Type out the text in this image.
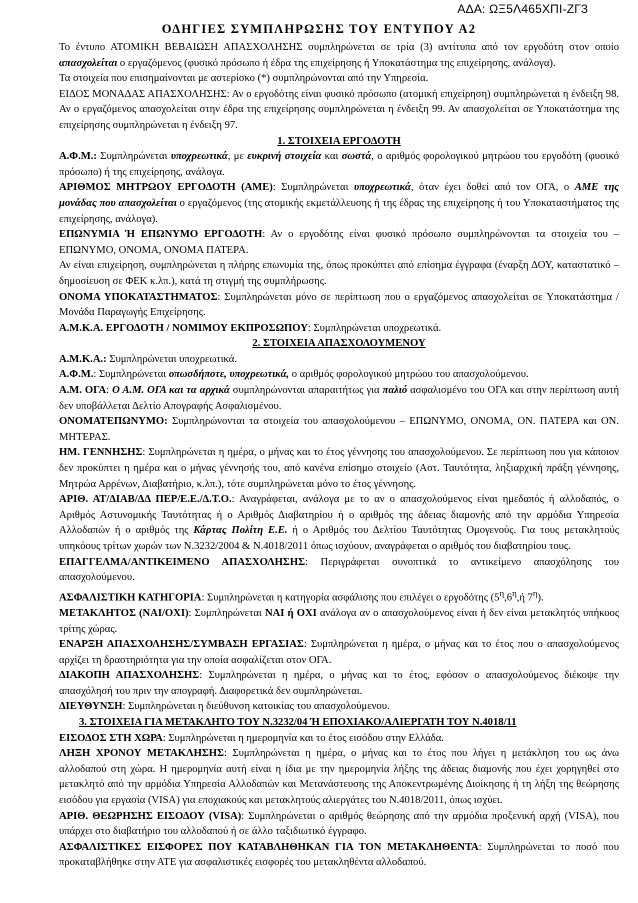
ΑΔΑ: ΩΞ5Λ465ΧΠΙ-ΖΓ3
ΟΔΗΓΙΕΣ ΣΥΜΠΛΗΡΩΣΗΣ ΤΟΥ ΕΝΤΥΠΟΥ Α2

Το έντυπο ΑΤΟΜΙΚΗ ΒΕΒΑΙΩΣΗ ΑΠΑΣΧΟΛΗΣΗΣ συμπληρώνεται σε τρία (3) αντίτυπα από τον εργοδότη στον οποίο απασχολείται ο εργαζόμενος (φυσικό πρόσωπο ή έδρα της επιχείρησης ή Υποκατάστημα της επιχείρησης, ανάλογα).

Τα στοιχεία που επισημαίνονται με αστερίσκο (*) συμπληρώνονται από την Υπηρεσία.

ΕΙΔΟΣ ΜΟΝΑΔΑΣ ΑΠΑΣΧΟΛΗΣΗΣ: Αν ο εργοδότης είναι φυσικό πρόσωπο (ατομική επιχείρηση) συμπληρώνεται η ένδειξη 98. Αν ο εργαζόμενος απασχολείται στην έδρα της επιχείρησης συμπληρώνεται η ένδειξη 99. Αν απασχολείται σε Υποκατάστημα της επιχείρησης συμπληρώνεται η ένδειξη 97.

1. ΣΤΟΙΧΕΙΑ ΕΡΓΟΔΟΤΗ

Α.Φ.Μ.: Συμπληρώνεται υποχρεωτικά, με ευκρινή στοιχεία και σωστά, ο αριθμός φορολογικού μητρώου του εργοδότη (φυσικό πρόσωπο) ή της επιχείρησης, ανάλογα.

ΑΡΙΘΜΟΣ ΜΗΤΡΩΟΥ ΕΡΓΟΔΟΤΗ (ΑΜΕ): Συμπληρώνεται υποχρεωτικά, όταν έχει δοθεί από τον ΟΓΑ, ο ΑΜΕ της μονάδας που απασχολείται ο εργαζόμενος (της ατομικής εκμετάλλευσης ή της έδρας της επιχείρησης ή του Υποκαταστήματος της επιχείρησης, ανάλογα).

ΕΠΩΝΥΜΙΑ Ή ΕΠΩΝΥΜΟ ΕΡΓΟΔΟΤΗ: Αν ο εργοδότης είναι φυσικό πρόσωπο συμπληρώνονται τα στοιχεία του – ΕΠΩΝΥΜΟ, ΟΝΟΜΑ, ΟΝΟΜΑ ΠΑΤΕΡΑ.

Αν είναι επιχείρηση, συμπληρώνεται η πλήρης επωνυμία της, όπως προκύπτει από επίσημα έγγραφα (έναρξη ΔΟΥ, καταστατικό – δημοσίευση σε ΦΕΚ κ.λπ.), κατά τη στιγμή της συμπλήρωσης.

ΟΝΟΜΑ ΥΠΟΚΑΤΑΣΤΗΜΑΤΟΣ: Συμπληρώνεται μόνο σε περίπτωση που ο εργαζόμενος απασχολείται σε Υποκατάστημα / Μονάδα Παραγωγής Επιχείρησης.

Α.Μ.Κ.Α. ΕΡΓΟΔΟΤΗ / ΝΟΜΙΜΟΥ ΕΚΠΡΟΣΩΠΟΥ: Συμπληρώνεται υποχρεωτικά.

2. ΣΤΟΙΧΕΙΑ ΑΠΑΣΧΟΛΟΥΜΕΝΟΥ

Α.Μ.Κ.Α.: Συμπληρώνεται υποχρεωτικά.

Α.Φ.Μ.: Συμπληρώνεται οπωσδήποτε, υποχρεωτικά, ο αριθμός φορολογικού μητρώου του απασχολούμενου.

Α.Μ. ΟΓΑ: Ο Α.Μ. ΟΓΑ και τα αρχικά συμπληρώνονται απαραιτήτως για παλιό ασφαλισμένο του ΟΓΑ και στην περίπτωση αυτή δεν υποβάλλεται Δελτίο Απογραφής Ασφαλισμένου.

ΟΝΟΜΑΤΕΠΩΝΥΜΟ: Συμπληρώνονται τα στοιχεία του απασχολούμενου – ΕΠΩΝΥΜΟ, ΟΝΟΜΑ, ΟΝ. ΠΑΤΕΡΑ και ΟΝ. ΜΗΤΕΡΑΣ.

ΗΜ. ΓΕΝΝΗΣΗΣ: Συμπληρώνεται η ημέρα, ο μήνας και το έτος γέννησης του απασχολούμενου. Σε περίπτωση που για κάποιον δεν προκύπτει η ημέρα και ο μήνας γέννησής του, από κανένα επίσημο στοιχείο (Αστ. Ταυτότητα, ληξιαρχική πράξη γέννησης, Μητρώα Αρρένων, Διαβατήριο, κ.λπ.), τότε συμπληρώνεται μόνο το έτος γέννησης.

ΑΡΙΘ. ΑΤ/ΔΙΑΒ/ΔΔ ΠΕΡ/Ε.Ε./Δ.Τ.Ο.: Αναγράφεται, ανάλογα με το αν ο απασχολούμενος είναι ημεδαπός ή αλλοδαπός, ο Αριθμός Αστυνομικής Ταυτότητας ή ο Αριθμός Διαβατηρίου ή ο αριθμός της άδειας διαμονής από την αρμόδια Υπηρεσία Αλλοδαπών ή ο αριθμός της Κάρτας Πολίτη Ε.Ε. ή ο Αριθμός του Δελτίου Ταυτότητας Ομογενούς. Για τους μετακλητούς υπηκόους τρίτων χωρών των Ν.3232/2004 & Ν.4018/2011 όπως ισχύουν, αναγράφεται ο αριθμός του διαβατηρίου τους.

ΕΠΑΓΓΕΛΜΑ/ΑΝΤΙΚΕΙΜΕΝΟ ΑΠΑΣΧΟΛΗΣΗΣ: Περιγράφεται συνοπτικά το αντικείμενο απασχόλησης του απασχολούμενου.

ΑΣΦΑΛΙΣΤΙΚΗ ΚΑΤΗΓΟΡΙΑ: Συμπληρώνεται η κατηγορία ασφάλισης που επιλέγει ο εργοδότης ($5^\eta,6^\eta,ή$ $7^\eta$).

ΜΕΤΑΚΛΗΤΟΣ (ΝΑΙ/ΟΧΙ): Συμπληρώνεται ΝΑΙ ή ΟΧΙ ανάλογα αν ο απασχολούμενος είναι ή δεν είναι μετακλητός υπήκοος τρίτης χώρας.

ΕΝΑΡΞΗ ΑΠΑΣΧΟΛΗΣΗΣ/ΣΥΜΒΑΣΗ ΕΡΓΑΣΙΑΣ: Συμπληρώνεται η ημέρα, ο μήνας και το έτος που ο απασχολούμενος αρχίζει τη δραστηριότητα για την οποία ασφαλίζεται στον ΟΓΑ.

ΔΙΑΚΟΠΗ ΑΠΑΣΧΟΛΗΣΗΣ: Συμπληρώνεται η ημέρα, ο μήνας και το έτος, εφόσον ο απασχολούμενος διέκοψε την απασχόλησή του πριν την απογραφή. Διαφορετικά δεν συμπληρώνεται.

ΔΙΕΥΘΥΝΣΗ: Συμπληρώνεται η διεύθυνση κατοικίας του απασχολούμενου.

3. ΣΤΟΙΧΕΙΑ ΓΙΑ ΜΕΤΑΚΛΗΤΟ ΤΟΥ Ν.3232/04 Ή ΕΠΟΧΙΑΚΟ/ΑΛΙΕΡΓΑΤΗ ΤΟΥ Ν.4018/11

ΕΙΣΟΔΟΣ ΣΤΗ ΧΩΡΑ: Συμπληρώνεται η ημερομηνία και το έτος εισόδου στην Ελλάδα.

ΛΗΞΗ ΧΡΟΝΟΥ ΜΕΤΑΚΛΗΣΗΣ: Συμπληρώνεται η ημέρα, ο μήνας και το έτος που λήγει η μετάκληση του ως άνω αλλοδαπού στη χώρα. Η ημερομηνία αυτή είναι η ίδια με την ημερομηνία λήξης της άδειας διαμονής που έχει χορηγηθεί στο μετακλητό από την αρμόδια Υπηρεσία Αλλοδαπών και Μετανάστευσης της Αποκεντρωμένης Διοίκησης ή τη λήξη της θεώρησης εισόδου για εργασία (VISA) για εποχιακούς και μετακλητούς αλιεργάτες του Ν.4018/2011, όπως ισχύει.

ΑΡΙΘ. ΘΕΩΡΗΣΗΣ ΕΙΣΟΔΟΥ (VISA): Συμπληρώνεται ο αριθμός θεώρησης από την αρμόδια προξενική αρχή (VISA), που υπάρχει στο διαβατήριο του αλλοδαπού ή σε άλλο ταξιδιωτικό έγγραφο.

ΑΣΦΑΛΙΣΤΙΚΕΣ ΕΙΣΦΟΡΕΣ ΠΟΥ ΚΑΤΑΒΛΗΘΗΚΑΝ ΓΙΑ ΤΟΝ ΜΕΤΑΚΛΗΘΕΝΤΑ: Συμπληρώνεται το ποσό που προκαταβλήθηκε στην ΑΤΕ για ασφαλιστικές εισφορές του μετακληθέντα αλλοδαπού.
